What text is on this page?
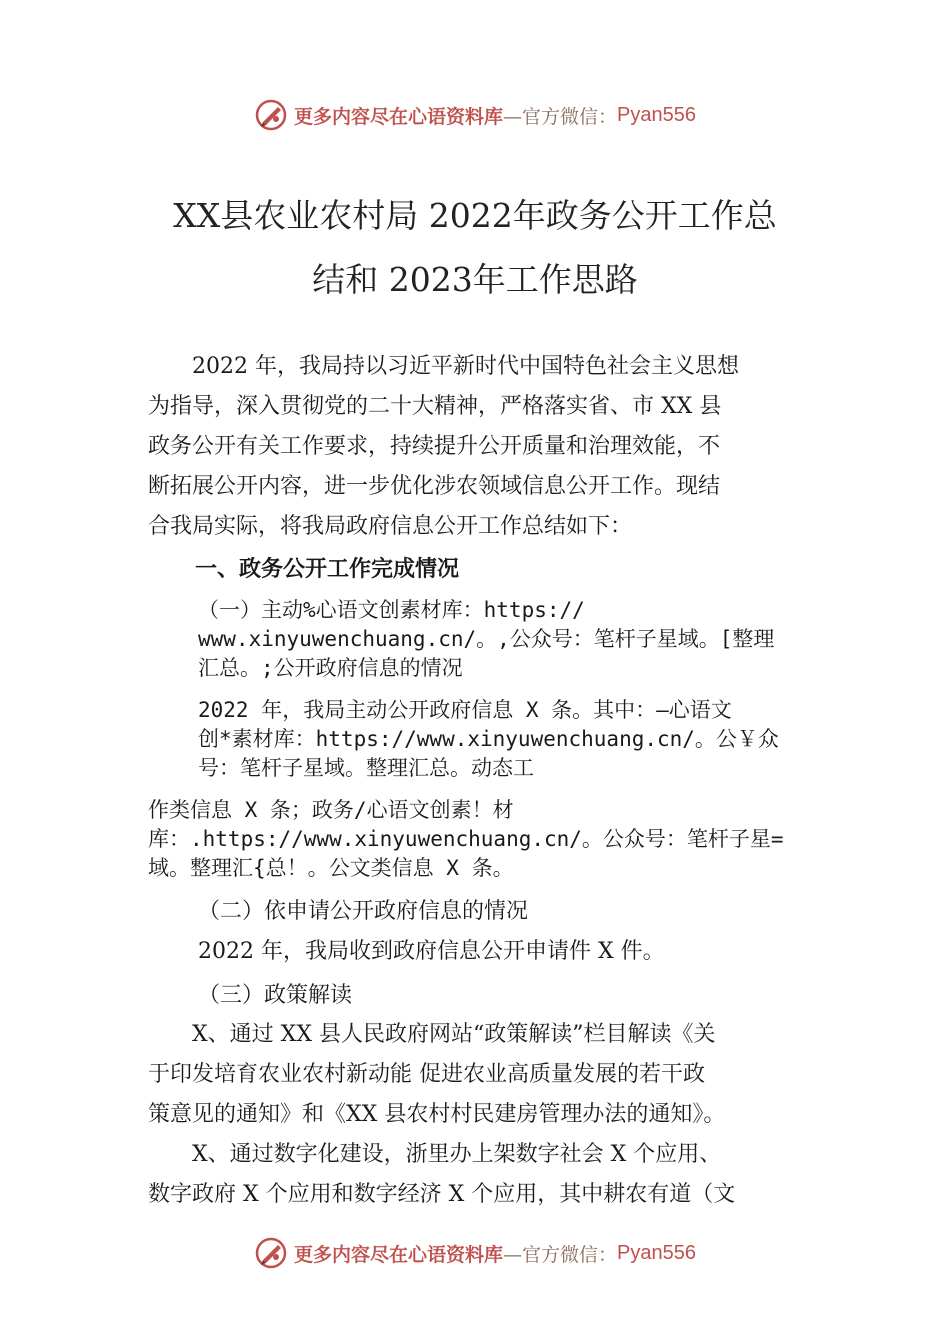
更多内容尽在心语资料库 —官方微信： Pyan556
XX县农业农村局 2022年政务公开工作总
结和 2023年工作思路
　　2022 年，我局持以习近平新时代中国特色社会主义思想
为指导，深入贯彻党的二十大精神，严格落实省、市 XX 县
政务公开有关工作要求，持续提升公开质量和治理效能，不
断拓展公开内容，进一步优化涉农领域信息公开工作。现结
合我局实际，将我局政府信息公开工作总结如下：
一、政务公开工作完成情况
（一）主动%心语文创素材库：https://
www.xinyuwenchuang.cn/。,公众号：笔杆子星域。[整理
汇总。;公开政府信息的情况
2022 年，我局主动公开政府信息 X 条。其中：—心语文
创*素材库：https://www.xinyuwenchuang.cn/。公￥众
号：笔杆子星域。整理汇总。动态工
作类信息 X 条；政务/心语文创素！材
库：.https://www.xinyuwenchuang.cn/。公众号：笔杆子星=
域。整理汇{总！。公文类信息 X 条。
（二）依申请公开政府信息的情况
2022 年，我局收到政府信息公开申请件 X 件。
（三）政策解读
　　X、通过 XX 县人民政府网站“政策解读”栏目解读《关
于印发培育农业农村新动能 促进农业高质量发展的若干政
策意见的通知》和《XX 县农村村民建房管理办法的通知》。
　　X、通过数字化建设，浙里办上架数字社会 X 个应用、
数字政府 X 个应用和数字经济 X 个应用，其中耕农有道（文
更多内容尽在心语资料库 —官方微信： Pyan556
